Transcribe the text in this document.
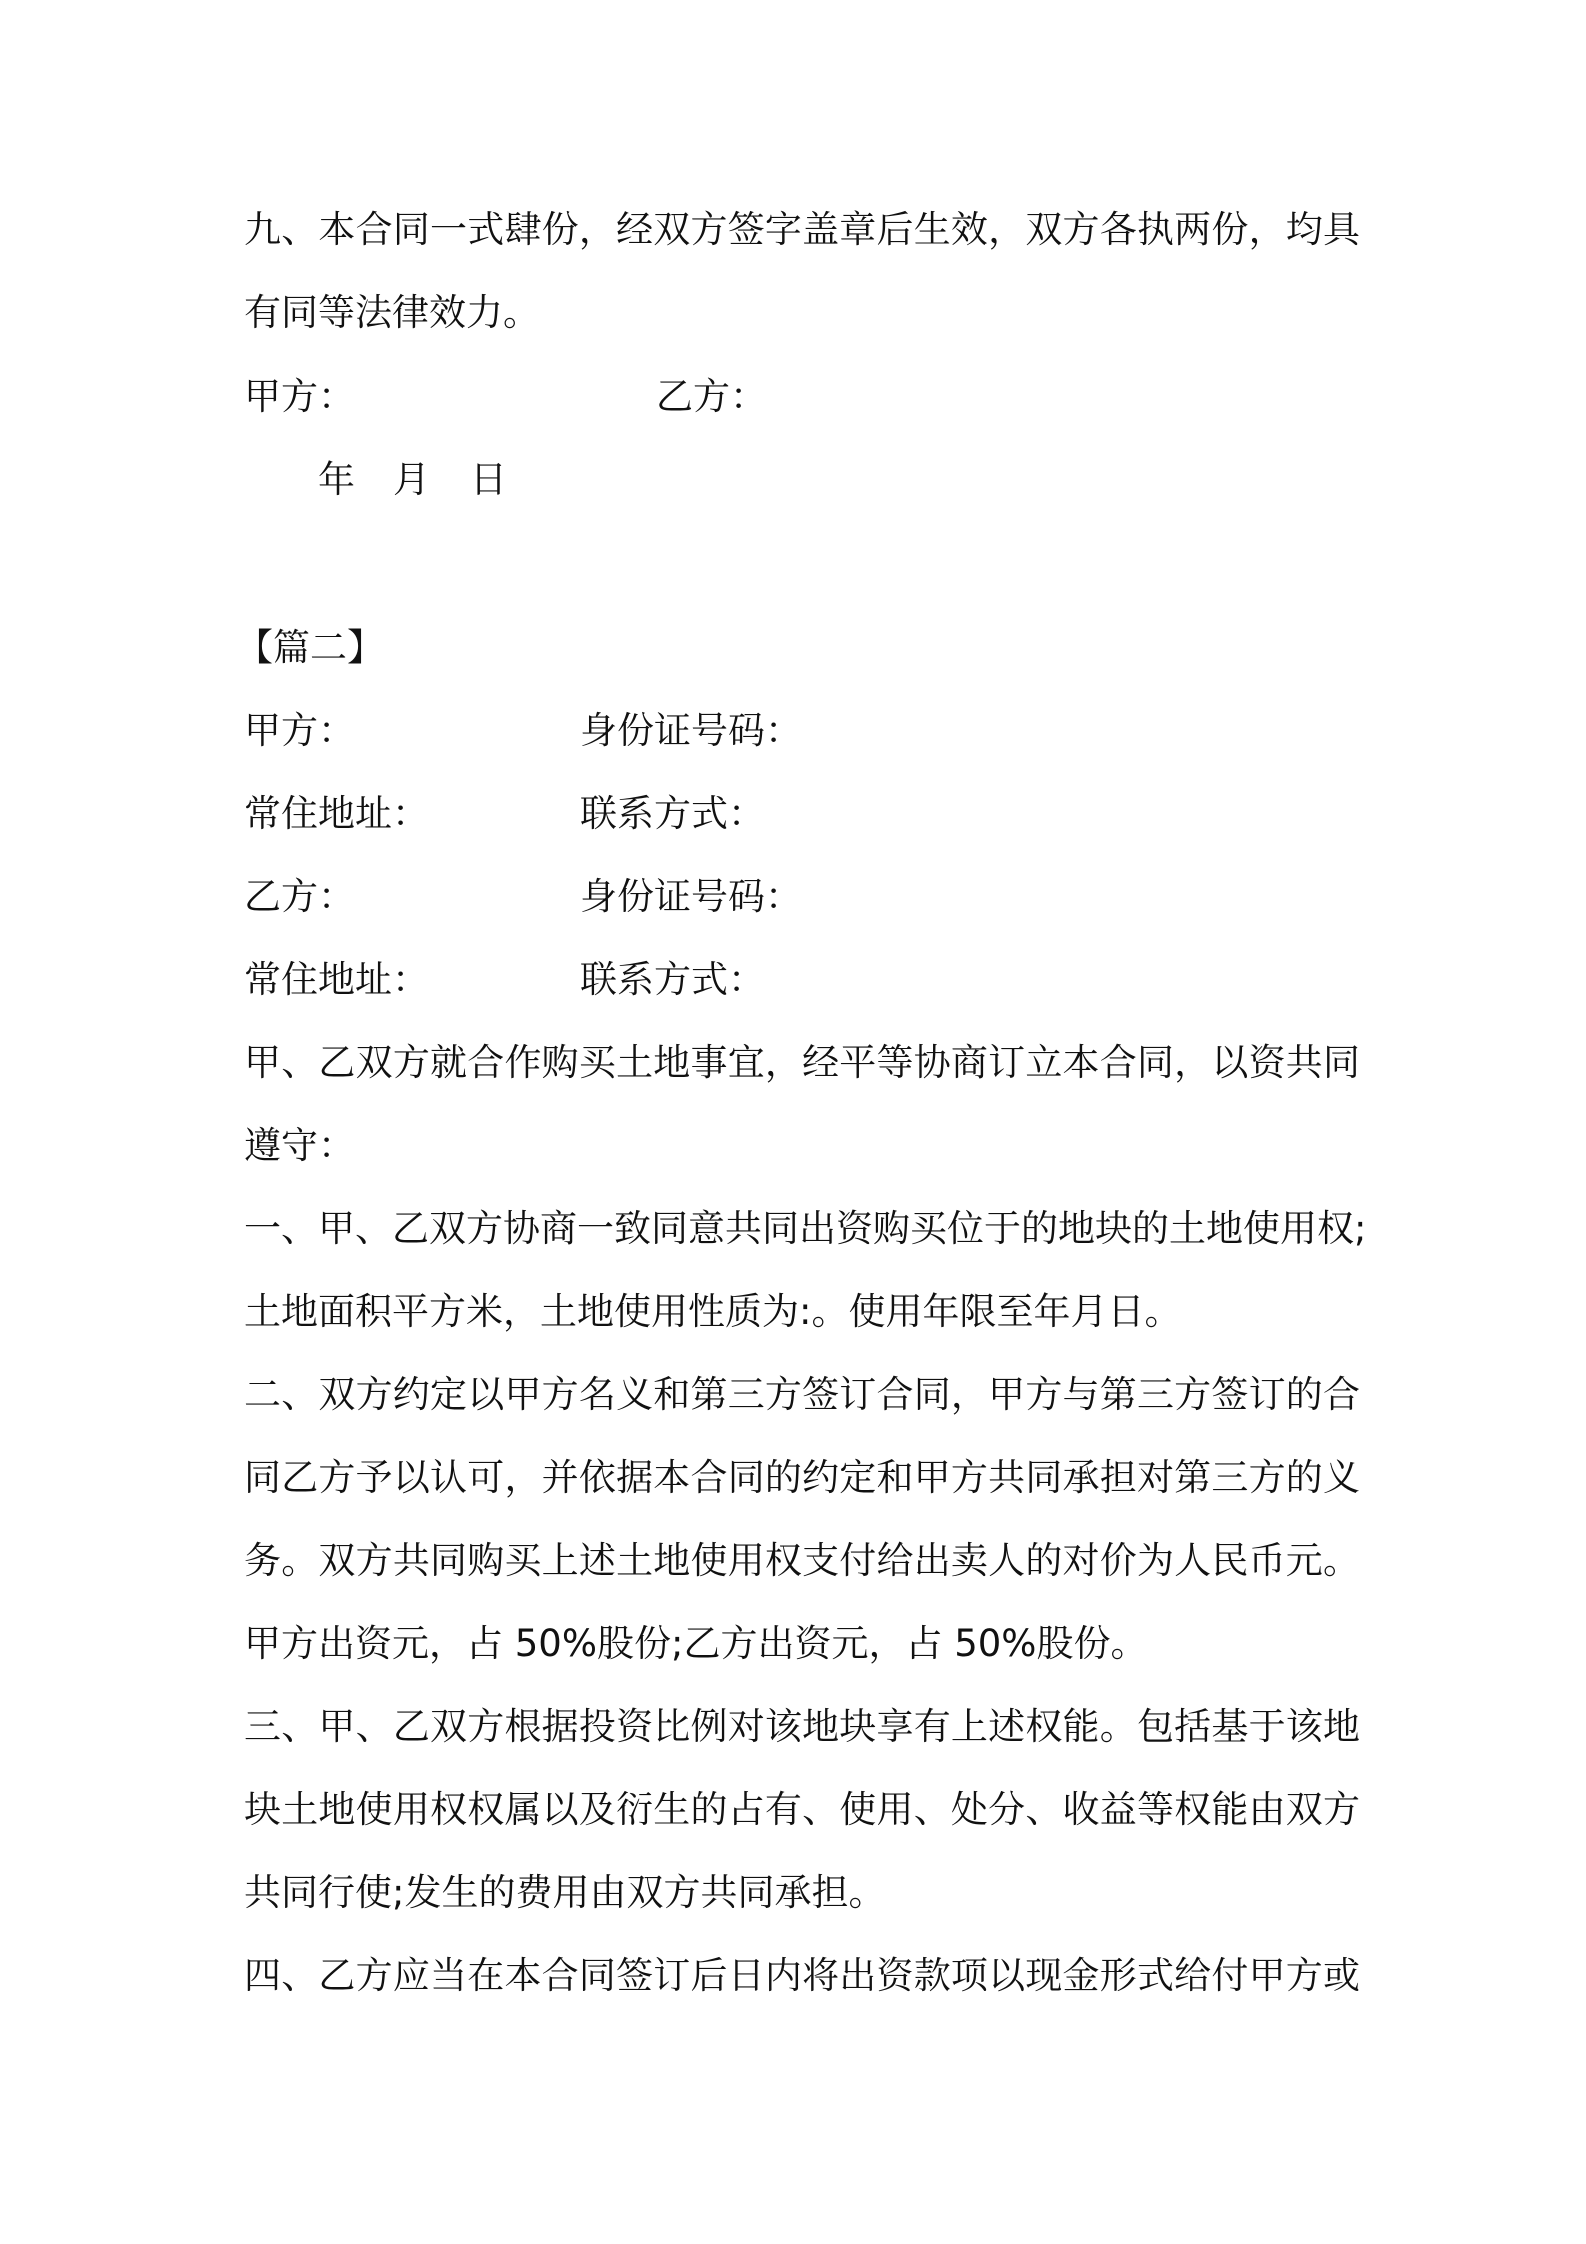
九、本合同一式肆份，经双方签字盖章后生效，双方各执两份，均具
有同等法律效力。
甲方：	乙方：
年 月 日
【篇二】
甲方：	身份证号码：
常住地址：	联系方式：
乙方：	身份证号码：
常住地址：	联系方式：
甲、乙双方就合作购买土地事宜，经平等协商订立本合同，以资共同
遵守：
一、甲、乙双方协商一致同意共同出资购买位于的地块的土地使用权;
土地面积平方米，土地使用性质为:。使用年限至年月日。
二、双方约定以甲方名义和第三方签订合同，甲方与第三方签订的合
同乙方予以认可，并依据本合同的约定和甲方共同承担对第三方的义
务。双方共同购买上述土地使用权支付给出卖人的对价为人民币元。
甲方出资元，占 50%股份;乙方出资元，占 50%股份。
三、甲、乙双方根据投资比例对该地块享有上述权能。包括基于该地
块土地使用权权属以及衍生的占有、使用、处分、收益等权能由双方
共同行使;发生的费用由双方共同承担。
四、乙方应当在本合同签订后日内将出资款项以现金形式给付甲方或
